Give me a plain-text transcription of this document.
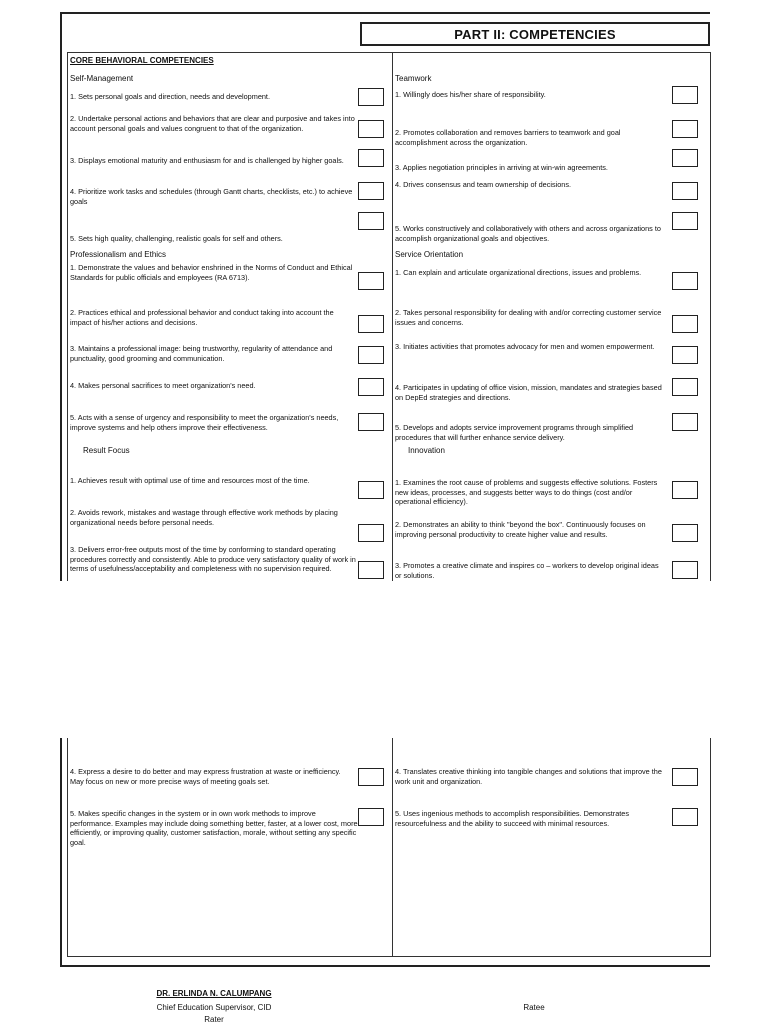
PART II: COMPETENCIES
CORE BEHAVIORAL COMPETENCIES
Self-Management
1. Sets personal goals and direction, needs and development.
2. Undertake personal actions and behaviors that are clear and purposive and takes into account personal goals and values congruent to that of the organization.
3. Displays emotional maturity and enthusiasm for and is challenged by higher goals.
4. Prioritize work tasks and schedules (through Gantt charts, checklists, etc.) to achieve goals
5. Sets high quality, challenging, realistic goals for self and others.
Professionalism and Ethics
1. Demonstrate the values and behavior enshrined in the Norms of Conduct and Ethical Standards for public officials and employees (RA 6713).
2. Practices ethical and professional behavior and conduct taking into account the impact of his/her actions and decisions.
3. Maintains a professional image: being trustworthy, regularity of attendance and punctuality, good grooming and communication.
4. Makes personal sacrifices to meet organization's need.
5. Acts with a sense of urgency and responsibility to meet the organization's needs, improve systems and help others improve their effectiveness.
Result Focus
1. Achieves result with optimal use of time and resources most of the time.
2. Avoids rework, mistakes and wastage through effective work methods by placing organizational needs before personal needs.
3. Delivers error-free outputs most of the time by conforming to standard operating procedures correctly and consistently. Able to produce very satisfactory quality of work in terms of usefulness/acceptability and completeness with no supervision required.
Teamwork
1. Willingly does his/her share of responsibility.
2. Promotes collaboration and removes barriers to teamwork and goal accomplishment across the organization.
3. Applies negotiation principles in arriving at win-win agreements.
4. Drives consensus and team ownership of decisions.
5. Works constructively and collaboratively with others and across organizations to accomplish organizational goals and objectives.
Service Orientation
1. Can explain and articulate organizational directions, issues and problems.
2. Takes personal responsibility for dealing with and/or correcting customer service issues and concerns.
3. Initiates activities that promotes advocacy for men and women empowerment.
4. Participates in updating of office vision, mission, mandates and strategies based on DepEd strategies and directions.
5. Develops and adopts service improvement programs through simplified procedures that will further enhance service delivery.
Innovation
1. Examines the root cause of problems and suggests effective solutions. Fosters new ideas, processes, and suggests better ways to do things (cost and/or operational efficiency).
2. Demonstrates an ability to think "beyond the box". Continuously focuses on improving personal productivity to create higher value and results.
3. Promotes a creative climate and inspires co – workers to develop original ideas or solutions.
4. Express a desire to do better and may express frustration at waste or inefficiency. May focus on new or more precise ways of meeting goals set.
5. Makes specific changes in the system or in own work methods to improve performance. Examples may include doing something better, faster, at a lower cost, more efficiently, or improving quality, customer satisfaction, morale, without setting any specific goal.
4. Translates creative thinking into tangible changes and solutions that improve the work unit and organization.
5. Uses ingenious methods to accomplish responsibilities. Demonstrates resourcefulness and the ability to succeed with minimal resources.
DR. ERLINDA N. CALUMPANG
Chief Education Supervisor, CID
Rater
Ratee
